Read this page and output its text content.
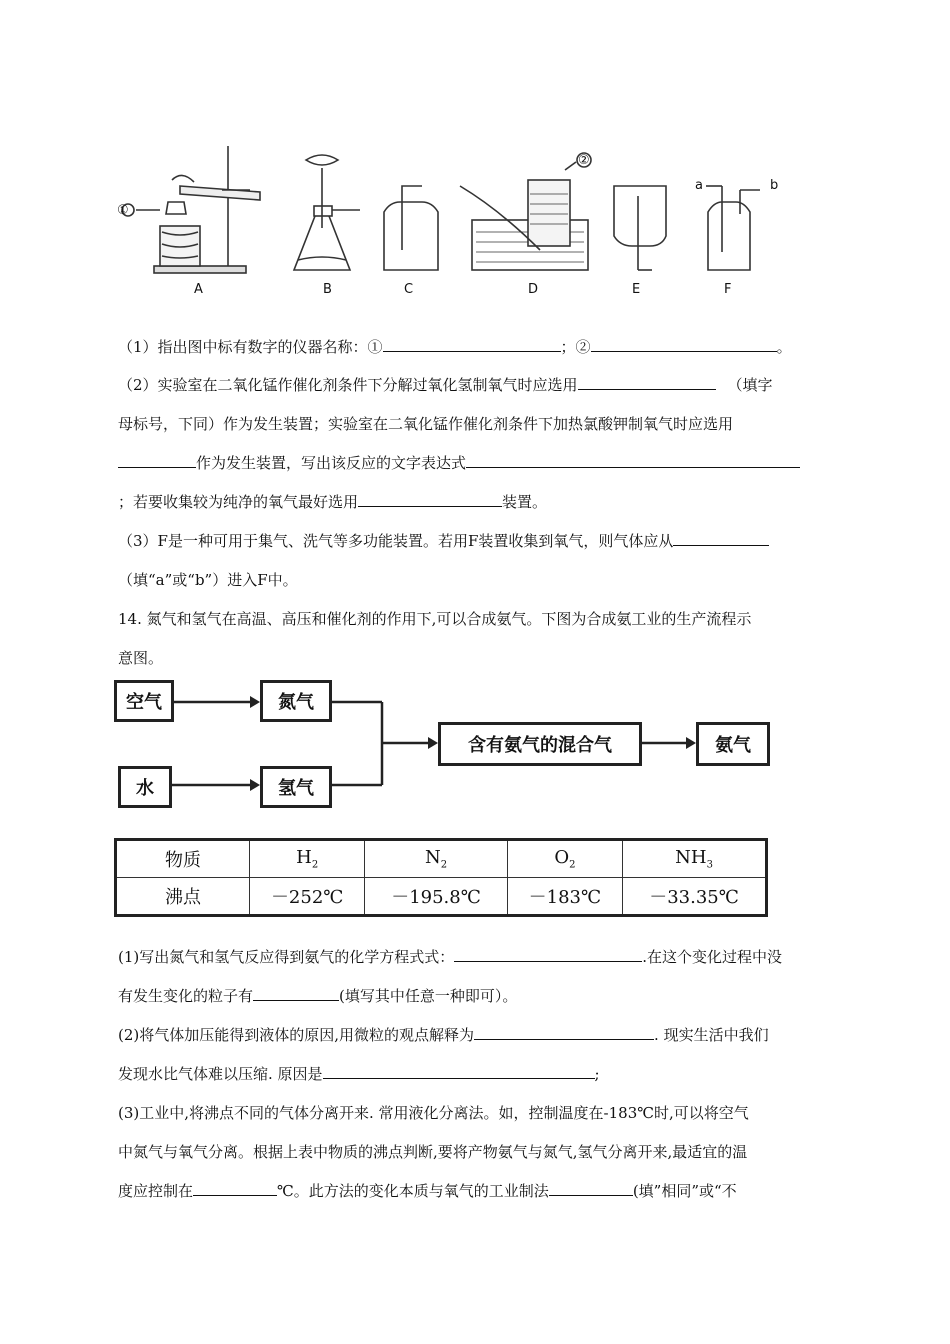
①
②
a	b
A	B	C	D	E	F
（1）指出图中标有数字的仪器名称：①	；②	。
（2）实验室在二氧化锰作催化剂条件下分解过氧化氢制氧气时应选用	（填字
母标号，下同）作为发生装置；实验室在二氧化锰作催化剂条件下加热氯酸钾制氧气时应选用
作为发生装置，写出该反应的文字表达式
；若要收集较为纯净的氧气最好选用	装置。
（3）F是一种可用于集气、洗气等多功能装置。若用F装置收集到氧气，则气体应从
（填“a”或“b”）进入F中。
14. 氮气和氢气在高温、高压和催化剂的作用下,可以合成氨气。下图为合成氨工业的生产流程示
意图。
空气	氮气
水	氢气
含有氨气的混合气	氨气
物质	$H_2$	$N_2$	$O_2$	$NH_3$
沸点	－252℃	－195.8℃	－183℃	－33.35℃
(1)写出氮气和氢气反应得到氨气的化学方程式式：	.在这个变化过程中没
有发生变化的粒子有	(填写其中任意一种即可）。
(2)将气体加压能得到液体的原因,用微粒的观点解释为	. 现实生活中我们
发现水比气体难以压缩. 原因是	;
(3)工业中,将沸点不同的气体分离开来. 常用液化分离法。如，控制温度在-183℃时,可以将空气
中氮气与氧气分离。根据上表中物质的沸点判断,要将产物氨气与氮气,氢气分离开来,最适宜的温
度应控制在	℃。此方法的变化本质与氧气的工业制法	(填”相同”或“不
